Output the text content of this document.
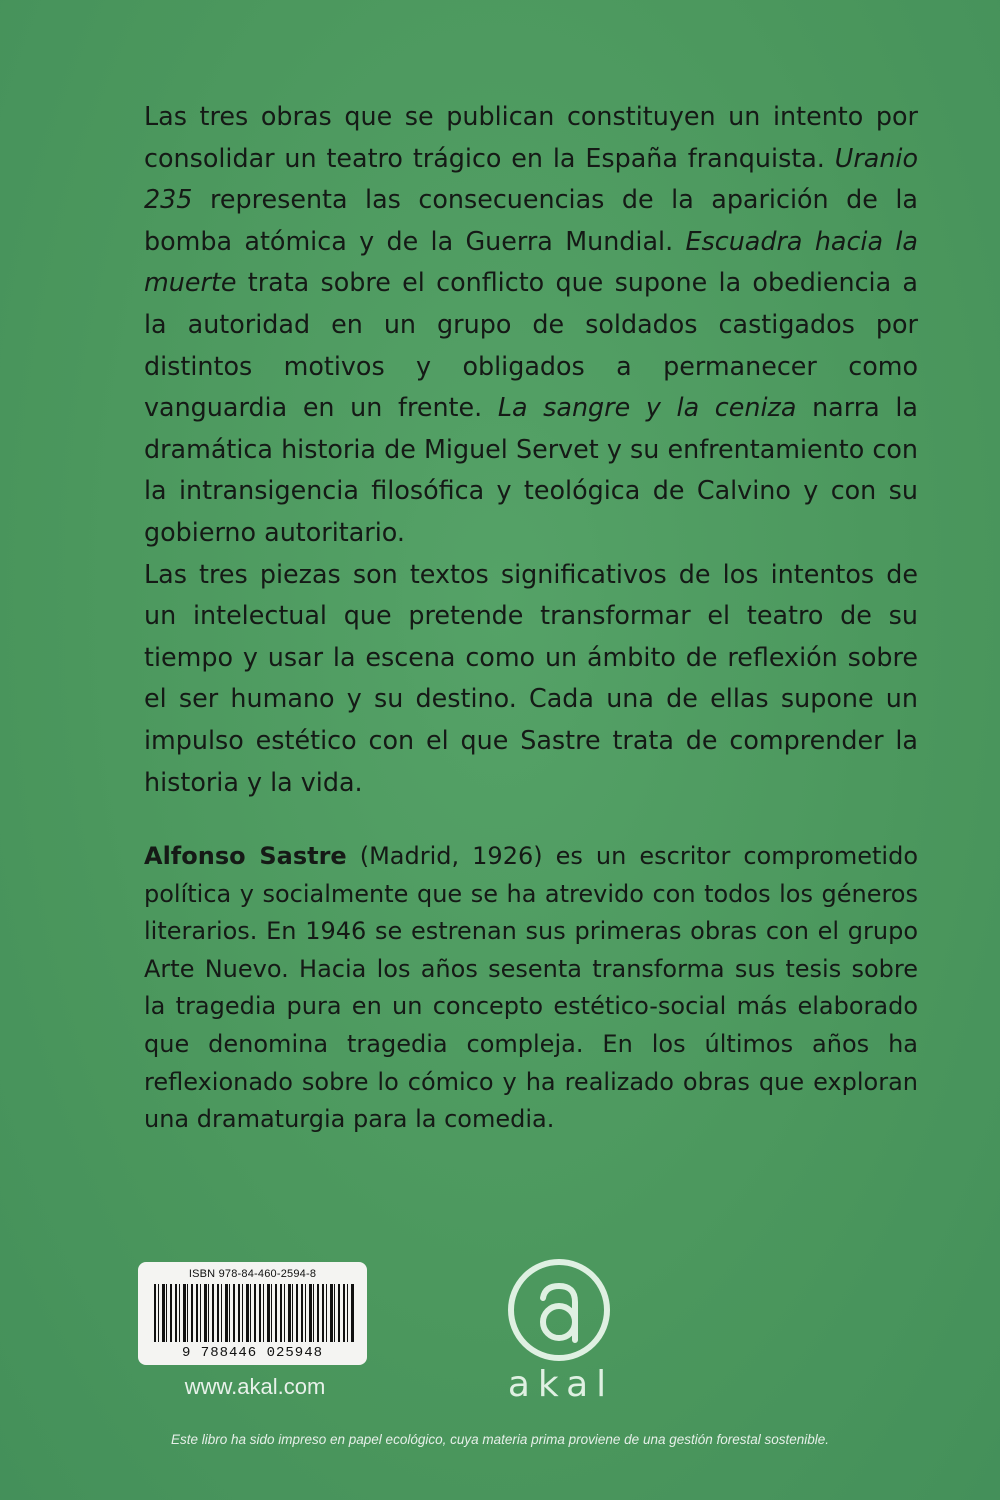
Las tres obras que se publican constituyen un intento por consolidar un teatro trágico en la España franquista. Uranio 235 representa las consecuencias de la aparición de la bomba atómica y de la Guerra Mundial. Escuadra hacia la muerte trata sobre el conflicto que supone la obediencia a la autoridad en un grupo de soldados castigados por distintos motivos y obligados a permanecer como vanguardia en un frente. La sangre y la ceniza narra la dramática historia de Miguel Servet y su enfrentamiento con la intransigencia filosófica y teológica de Calvino y con su gobierno autoritario.

Las tres piezas son textos significativos de los intentos de un intelectual que pretende transformar el teatro de su tiempo y usar la escena como un ámbito de reflexión sobre el ser humano y su destino. Cada una de ellas supone un impulso estético con el que Sastre trata de comprender la historia y la vida.

Alfonso Sastre (Madrid, 1926) es un escritor comprometido política y socialmente que se ha atrevido con todos los géneros literarios. En 1946 se estrenan sus primeras obras con el grupo Arte Nuevo. Hacia los años sesenta transforma sus tesis sobre la tragedia pura en un concepto estético-social más elaborado que denomina tragedia compleja. En los últimos años ha reflexionado sobre lo cómico y ha realizado obras que exploran una dramaturgia para la comedia.

ISBN 978-84-460-2594-8
9 788446 025948
www.akal.com	akal
Este libro ha sido impreso en papel ecológico, cuya materia prima proviene de una gestión forestal sostenible.
